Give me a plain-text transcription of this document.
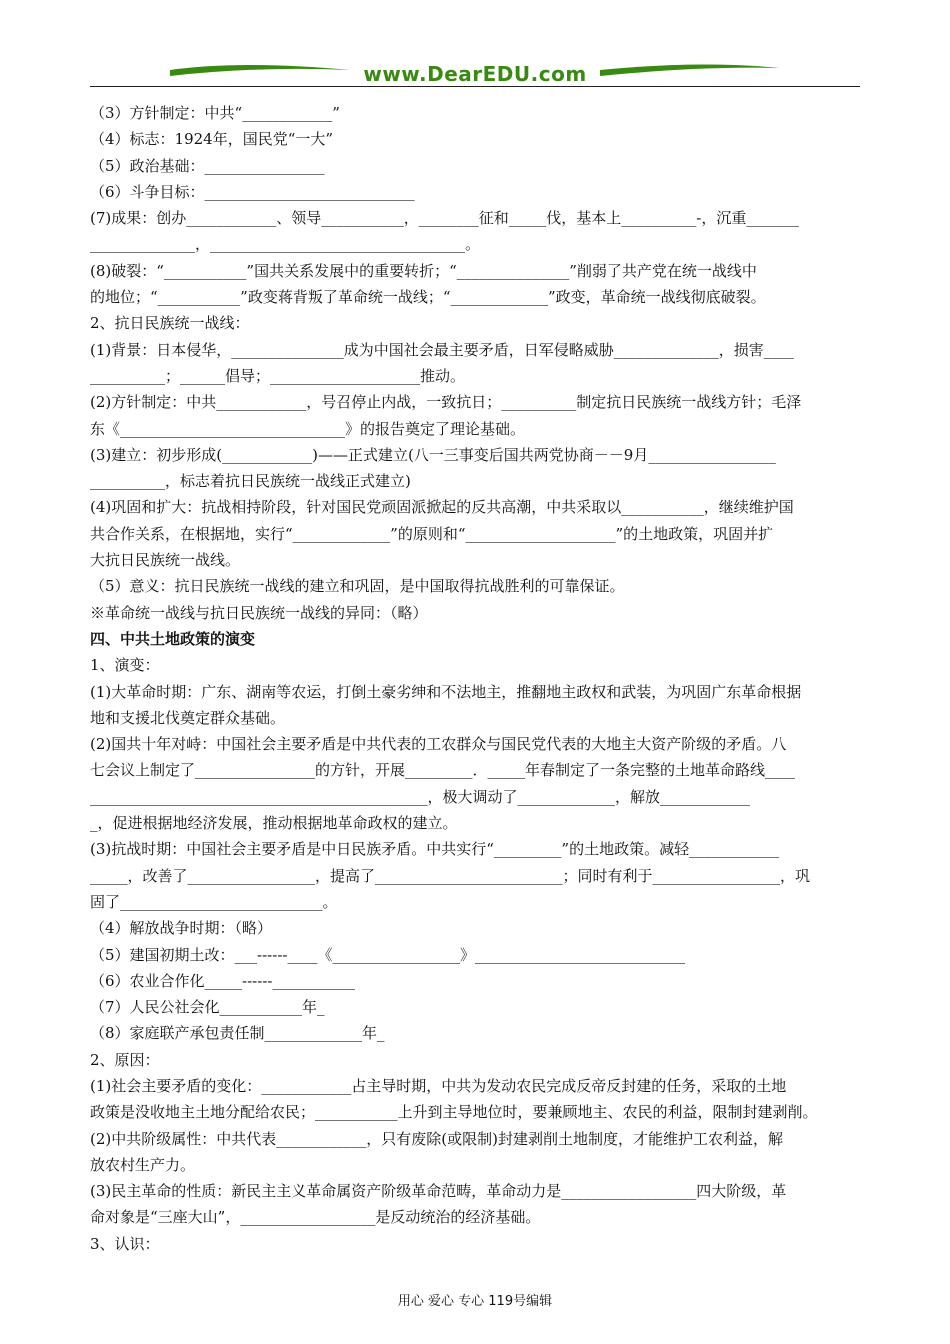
www.DearEDU.com
（3）方针制定：中共“____________”
（4）标志：1924年，国民党“一大”
（5）政治基础：________________
（6）斗争目标：____________________________
(7)成果：创办____________、领导___________，________征和_____伐，基本上__________-，沉重_______
______________，__________________________________。
(8)破裂：“___________”国共关系发展中的重要转折；“_______________”削弱了共产党在统一战线中
的地位；“___________”政变蒋背叛了革命统一战线；“_____________”政变，革命统一战线彻底破裂。
2、抗日民族统一战线：
(1)背景：日本侵华，_______________成为中国社会最主要矛盾，日军侵略威胁______________，损害____
__________；______倡导；____________________推动。
(2)方针制定：中共____________，号召停止内战，一致抗日；__________制定抗日民族统一战线方针；毛泽
东《______________________________》的报告奠定了理论基础。
(3)建立：初步形成(____________)——正式建立(八一三事变后国共两党协商－－9月_________________
__________，标志着抗日民族统一战线正式建立)
(4)巩固和扩大：抗战相持阶段，针对国民党顽固派掀起的反共高潮，中共采取以___________，继续维护国
共合作关系，在根据地，实行“_____________”的原则和“____________________”的土地政策，巩固并扩
大抗日民族统一战线。
（5）意义：抗日民族统一战线的建立和巩固，是中国取得抗战胜利的可靠保证。
※革命统一战线与抗日民族统一战线的异同：（略）
四、中共土地政策的演变
1、演变：
(1)大革命时期：广东、湖南等农运，打倒土豪劣绅和不法地主，推翻地主政权和武装，为巩固广东革命根据
地和支援北伐奠定群众基础。
(2)国共十年对峙：中国社会主要矛盾是中共代表的工农群众与国民党代表的大地主大资产阶级的矛盾。八
七会议上制定了________________的方针，开展_________．_____年春制定了一条完整的土地革命路线____
_____________________________________________，极大调动了_____________，解放____________
_，促进根据地经济发展，推动根据地革命政权的建立。
(3)抗战时期：中国社会主要矛盾是中日民族矛盾。中共实行“_________”的土地政策。减轻____________
_____，改善了_________________，提高了_________________________；同时有利于_________________，巩
固了___________________________。
（4）解放战争时期：（略）
（5）建国初期土改：___------____《_________________》____________________________
（6）农业合作化_____------___________
（7）人民公社会化___________年_
（8）家庭联产承包责任制_____________年_
2、原因：
(1)社会主要矛盾的变化：____________占主导时期，中共为发动农民完成反帝反封建的任务，采取的土地
政策是没收地主土地分配给农民；___________上升到主导地位时，要兼顾地主、农民的利益，限制封建剥削。
(2)中共阶级属性：中共代表____________，只有废除(或限制)封建剥削土地制度，才能维护工农利益，解
放农村生产力。
(3)民主革命的性质：新民主主义革命属资产阶级革命范畴，革命动力是__________________四大阶级，革
命对象是“三座大山”，__________________是反动统治的经济基础。
3、认识：
用心 爱心 专心 119号编辑
